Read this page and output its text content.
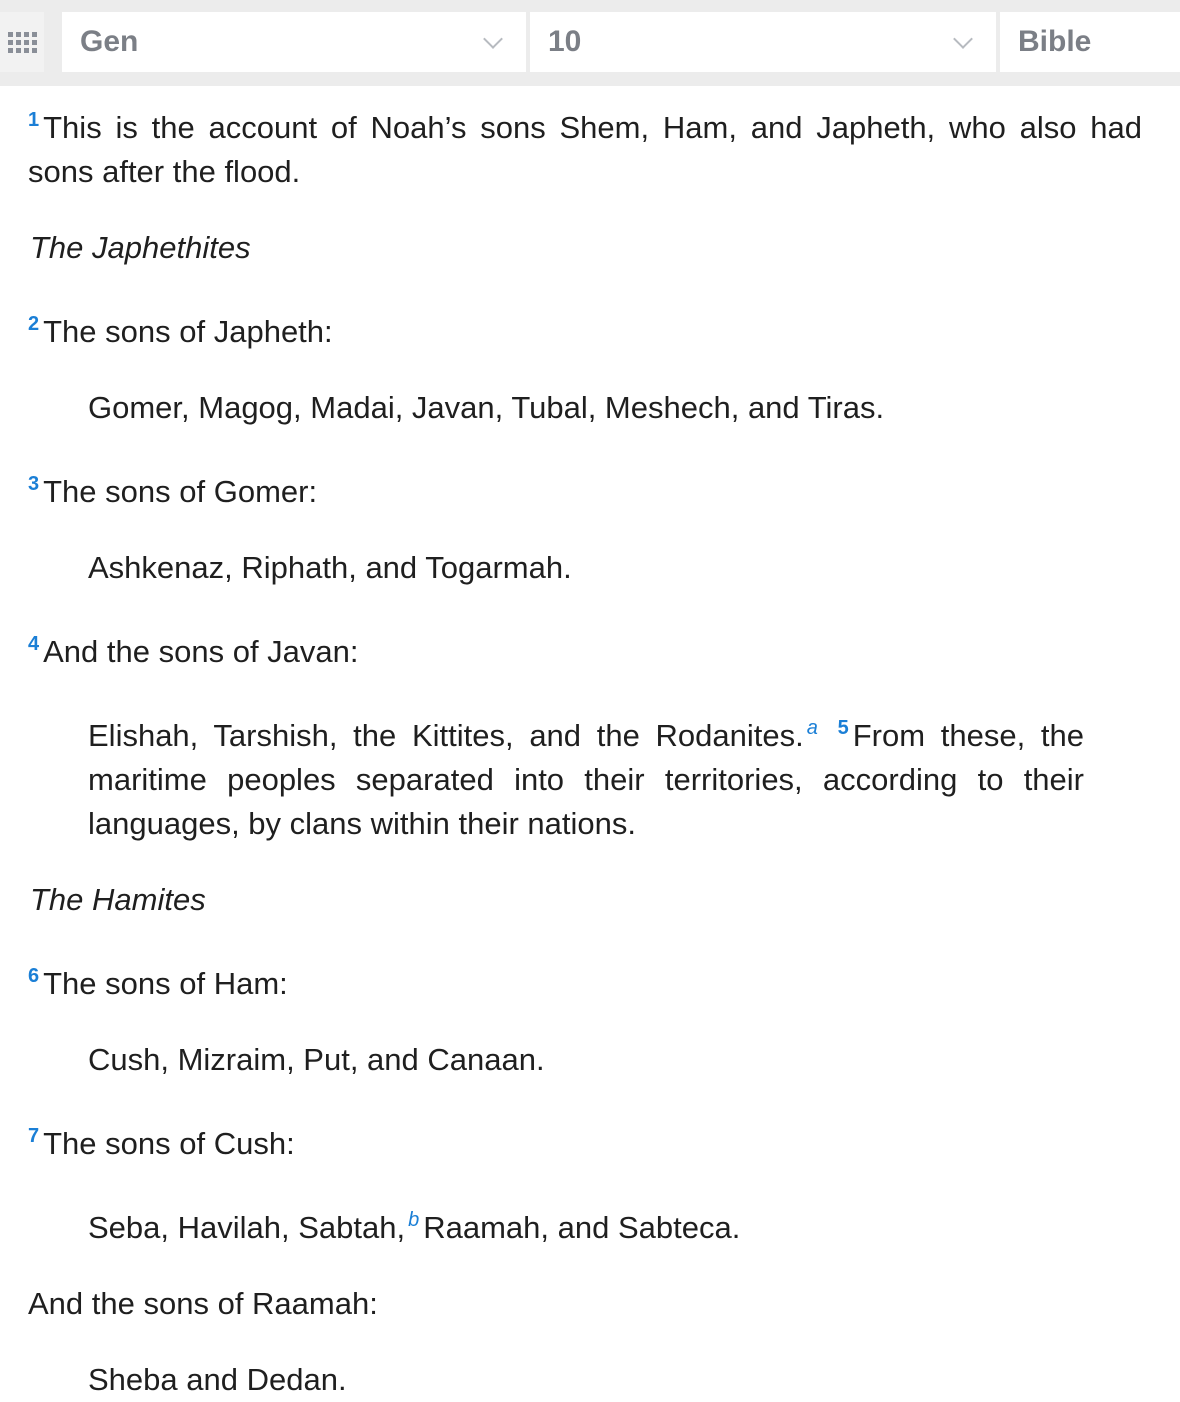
Gen	10	Bible

$^1$ This is the account of Noah’s sons Shem, Ham, and Japheth, who also had sons after the flood.

The Japhethites

$^2$ The sons of Japheth:

Gomer, Magog, Madai, Javan, Tubal, Meshech, and Tiras.

$^3$ The sons of Gomer:

Ashkenaz, Riphath, and Togarmah.

$^4$ And the sons of Javan:

Elishah, Tarshish, the Kittites, and the Rodanites. $^a$ $^5$ From these, the maritime peoples separated into their territories, according to their languages, by clans within their nations.

The Hamites

$^6$ The sons of Ham:

Cush, Mizraim, Put, and Canaan.

$^7$ The sons of Cush:

Seba, Havilah, Sabtah, $^b$ Raamah, and Sabteca.

And the sons of Raamah:

Sheba and Dedan.
